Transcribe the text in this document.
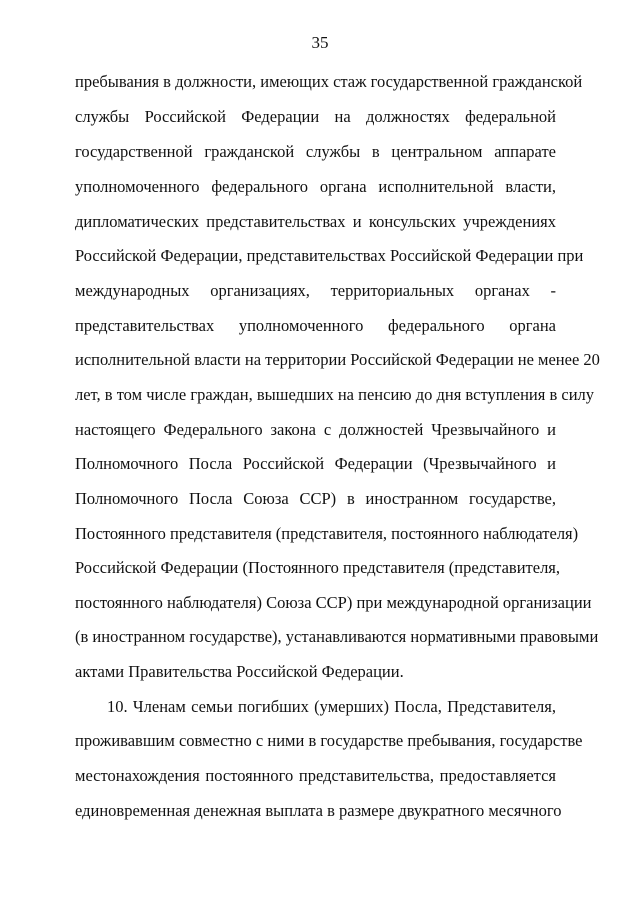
35
пребывания в должности, имеющих стаж государственной гражданской
службы Российской Федерации на должностях федеральной
государственной гражданской службы в центральном аппарате
уполномоченного федерального органа исполнительной власти,
дипломатических представительствах и консульских учреждениях
Российской Федерации, представительствах Российской Федерации при
международных организациях, территориальных органах -
представительствах уполномоченного федерального органа
исполнительной власти на территории Российской Федерации не менее 20
лет, в том числе граждан, вышедших на пенсию до дня вступления в силу
настоящего Федерального закона с должностей Чрезвычайного и
Полномочного Посла Российской Федерации (Чрезвычайного и
Полномочного Посла Союза ССР) в иностранном государстве,
Постоянного представителя (представителя, постоянного наблюдателя)
Российской Федерации (Постоянного представителя (представителя,
постоянного наблюдателя) Союза ССР) при международной организации
(в иностранном государстве), устанавливаются нормативными правовыми
актами Правительства Российской Федерации.
10. Членам семьи погибших (умерших) Посла, Представителя,
проживавшим совместно с ними в государстве пребывания, государстве
местонахождения постоянного представительства, предоставляется
единовременная денежная выплата в размере двукратного месячного
